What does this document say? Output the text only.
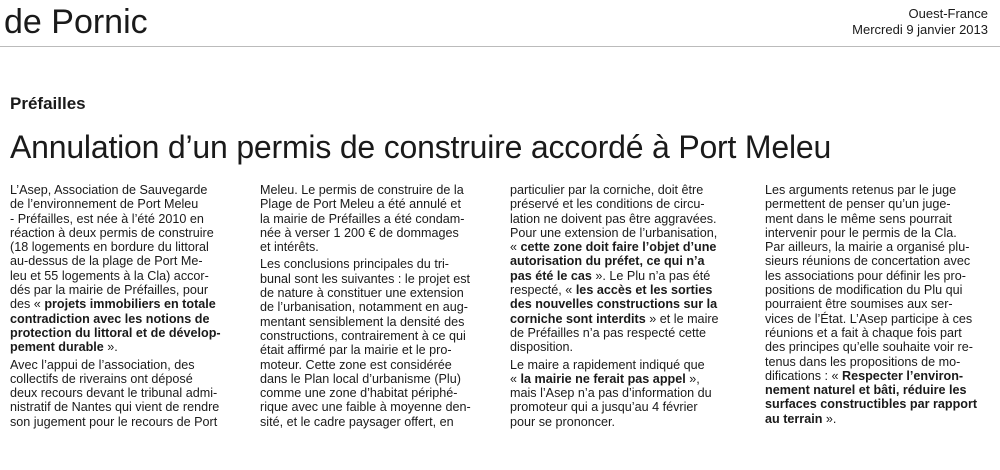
de Pornic	Ouest-France
Mercredi 9 janvier 2013
Préfailles
Annulation d’un permis de construire accordé à Port Meleu
L’Asep, Association de Sauvegarde
de l’environnement de Port Meleu
- Préfailles, est née à l’été 2010 en
réaction à deux permis de construire
(18 logements en bordure du littoral
au-dessus de la plage de Port Me-
leu et 55 logements à la Cla) accor-
dés par la mairie de Préfailles, pour
des « projets immobiliers en totale
contradiction avec les notions de
protection du littoral et de dévelop-
pement durable ».
Avec l’appui de l’association, des
collectifs de riverains ont déposé
deux recours devant le tribunal admi-
nistratif de Nantes qui vient de rendre
son jugement pour le recours de Port
Meleu. Le permis de construire de la
Plage de Port Meleu a été annulé et
la mairie de Préfailles a été condam-
née à verser 1 200 € de dommages
et intérêts.
Les conclusions principales du tri-
bunal sont les suivantes : le projet est
de nature à constituer une extension
de l’urbanisation, notamment en aug-
mentant sensiblement la densité des
constructions, contrairement à ce qui
était affirmé par la mairie et le pro-
moteur. Cette zone est considérée
dans le Plan local d’urbanisme (Plu)
comme une zone d’habitat périphé-
rique avec une faible à moyenne den-
sité, et le cadre paysager offert, en
particulier par la corniche, doit être
préservé et les conditions de circu-
lation ne doivent pas être aggravées.
Pour une extension de l’urbanisation,
« cette zone doit faire l’objet d’une
autorisation du préfet, ce qui n’a
pas été le cas ». Le Plu n’a pas été
respecté, « les accès et les sorties
des nouvelles constructions sur la
corniche sont interdits » et le maire
de Préfailles n’a pas respecté cette
disposition.
Le maire a rapidement indiqué que
« la mairie ne ferait pas appel »,
mais l’Asep n’a pas d’information du
promoteur qui a jusqu’au 4 février
pour se prononcer.
Les arguments retenus par le juge
permettent de penser qu’un juge-
ment dans le même sens pourrait
intervenir pour le permis de la Cla.
Par ailleurs, la mairie a organisé plu-
sieurs réunions de concertation avec
les associations pour définir les pro-
positions de modification du Plu qui
pourraient être soumises aux ser-
vices de l’État. L’Asep participe à ces
réunions et a fait à chaque fois part
des principes qu’elle souhaite voir re-
tenus dans les propositions de mo-
difications : « Respecter l’environ-
nement naturel et bâti, réduire les
surfaces constructibles par rapport
au terrain ».
